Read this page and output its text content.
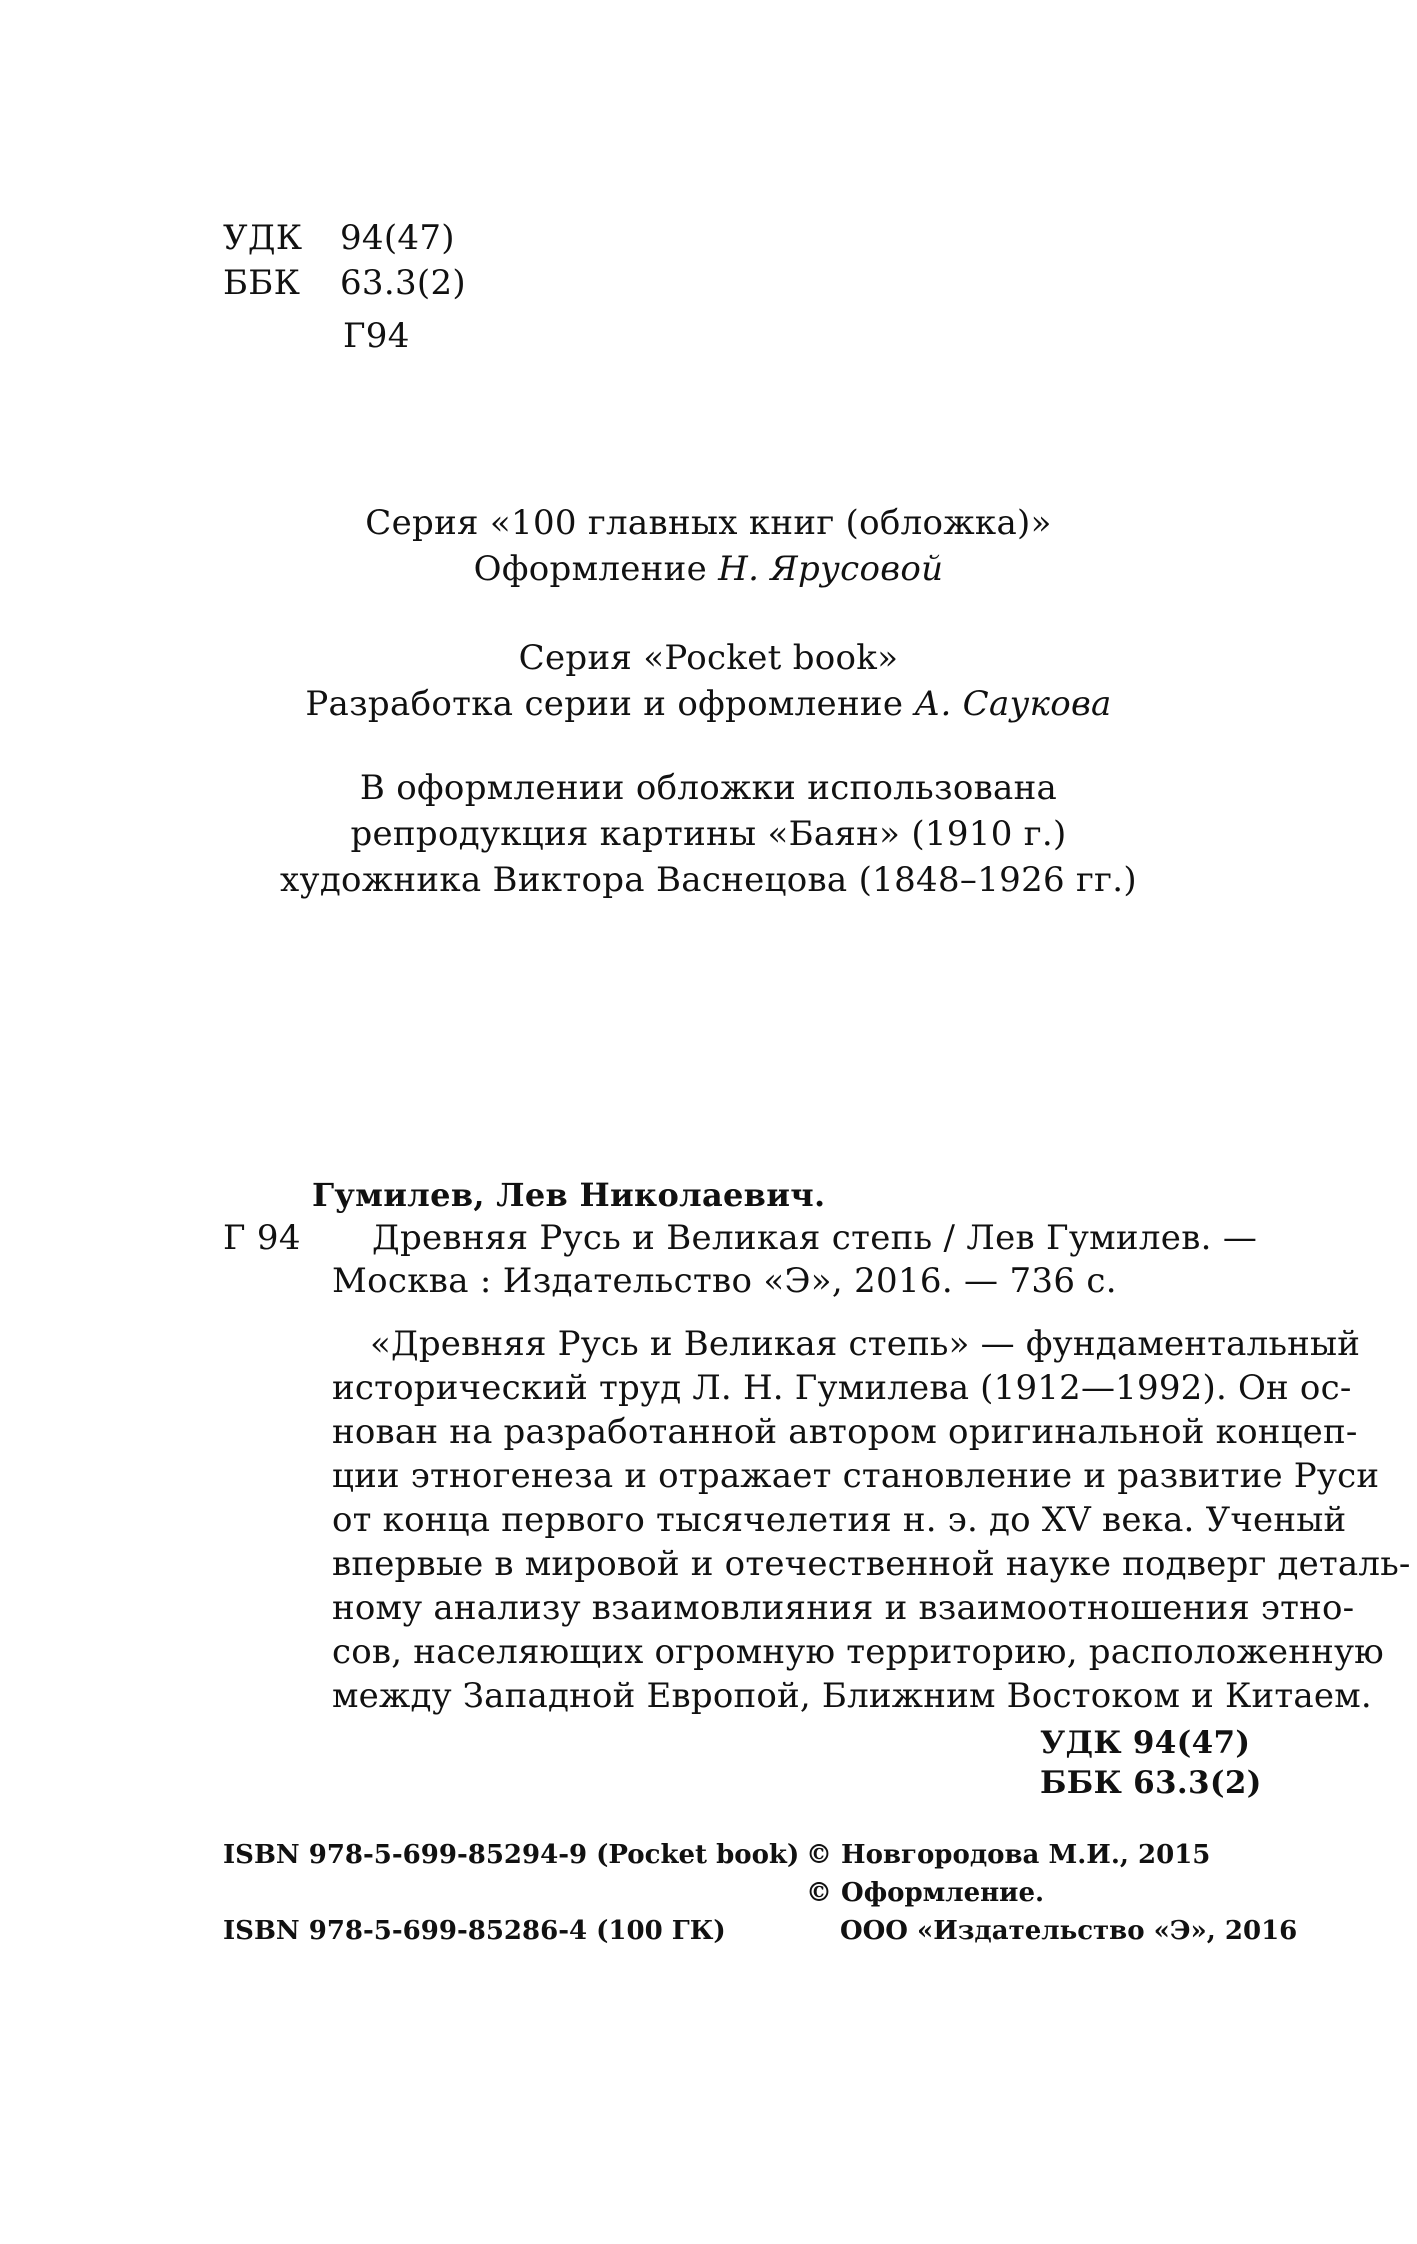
УДК 94(47)
ББК 63.3(2)
Г94
Серия «100 главных книг (обложка)»
Оформление Н. Ярусовой
Серия «Pocket book»
Разработка серии и офромление А. Саукова
В оформлении обложки использована
репродукция картины «Баян» (1910 г.)
художника Виктора Васнецова (1848–1926 гг.)
Гумилев, Лев Николаевич.
Г 94 Древняя Русь и Великая степь / Лев Гумилев. —
Москва : Издательство «Э», 2016. — 736 с.
«Древняя Русь и Великая степь» — фундаментальный
исторический труд Л. Н. Гумилева (1912—1992). Он ос-
нован на разработанной автором оригинальной концеп-
ции этногенеза и отражает становление и развитие Руси
от конца первого тысячелетия н. э. до XV века. Ученый
впервые в мировой и отечественной науке подверг деталь-
ному анализу взаимовлияния и взаимоотношения этно-
сов, населяющих огромную территорию, расположенную
между Западной Европой, Ближним Востоком и Китаем.
УДК 94(47)
ББК 63.3(2)
ISBN 978-5-699-85294-9 (Pocket book)
ISBN 978-5-699-85286-4 (100 ГК)
© Новгородова М.И., 2015
© Оформление.
ООО «Издательство «Э», 2016
